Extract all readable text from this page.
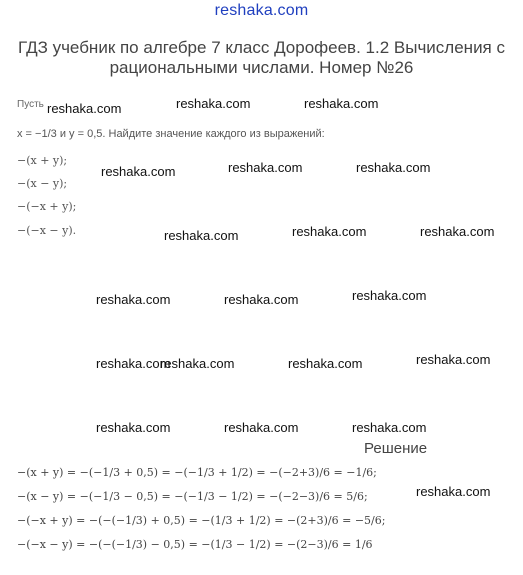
reshaka.com
ГДЗ учебник по алгебре 7 класс Дорофеев. 1.2 Вычисления с рациональными числами. Номер №26
Пусть
x = −1/3 и y = 0,5. Найдите значение каждого из выражений:
−(x + y);
−(x − y);
−(−x + y);
−(−x − y).
reshaka.com	reshaka.com	reshaka.com
reshaka.com	reshaka.com	reshaka.com
reshaka.com	reshaka.com	reshaka.com
reshaka.com	reshaka.com	reshaka.com
reshaka.com
reshaka.com	reshaka.com	reshaka.com
reshaka.com	reshaka.com	reshaka.com
reshaka.com
Решение
−(x + y) = −(−1/3 + 0,5) = −(−1/3 + 1/2) = −(−2+3)/6 = −1/6;
−(x − y) = −(−1/3 − 0,5) = −(−1/3 − 1/2) = −(−2−3)/6 = 5/6;
−(−x + y) = −(−(−1/3) + 0,5) = −(1/3 + 1/2) = −(2+3)/6 = −5/6;
−(−x − y) = −(−(−1/3) − 0,5) = −(1/3 − 1/2) = −(2−3)/6 = 1/6
